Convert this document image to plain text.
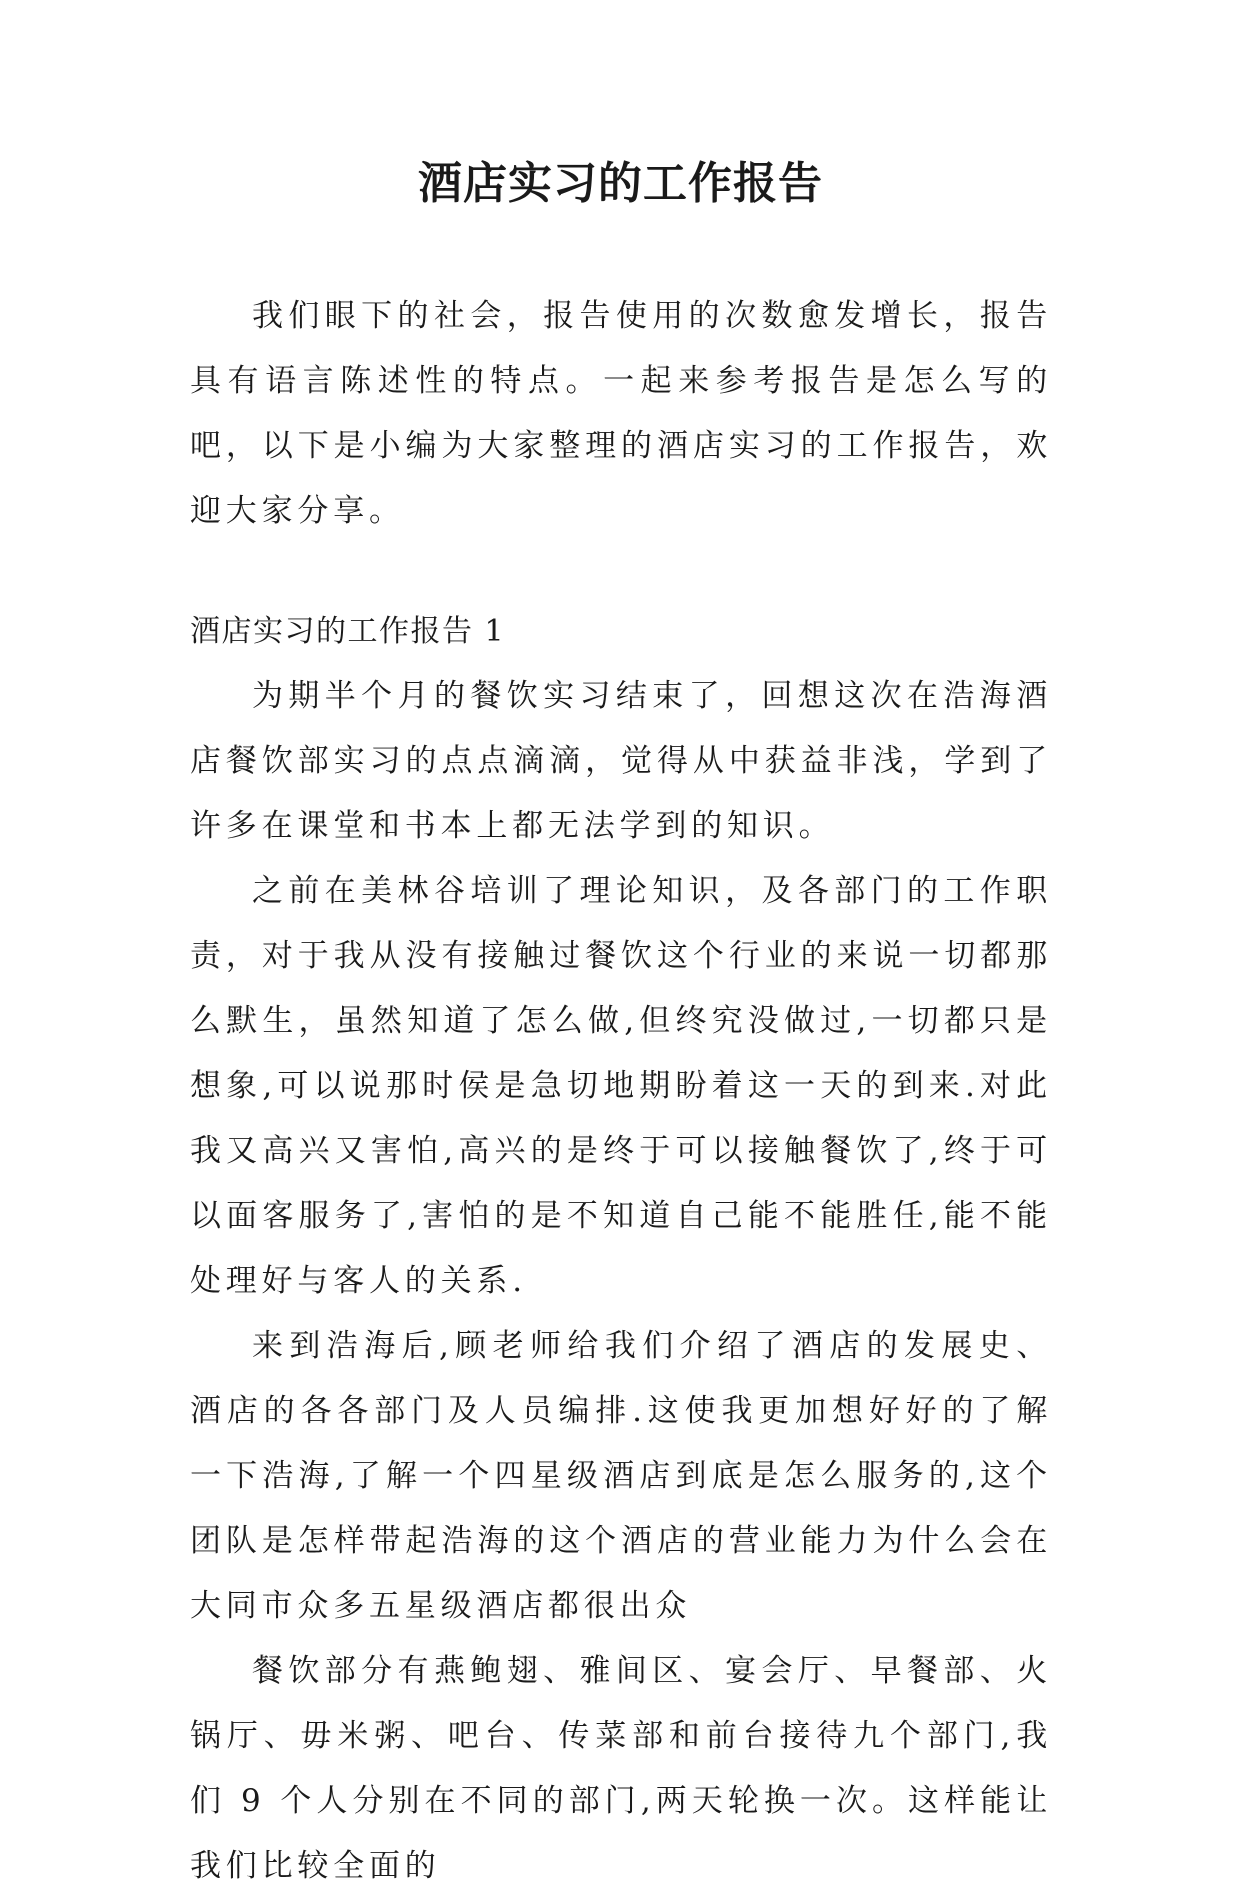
酒店实习的工作报告

我们眼下的社会，报告使用的次数愈发增长，报告具有语言陈述性的特点。一起来参考报告是怎么写的吧，以下是小编为大家整理的酒店实习的工作报告，欢迎大家分享。

酒店实习的工作报告 1

为期半个月的餐饮实习结束了，回想这次在浩海酒店餐饮部实习的点点滴滴，觉得从中获益非浅，学到了许多在课堂和书本上都无法学到的知识。

之前在美林谷培训了理论知识，及各部门的工作职责，对于我从没有接触过餐饮这个行业的来说一切都那么默生，虽然知道了怎么做,但终究没做过,一切都只是想象,可以说那时侯是急切地期盼着这一天的到来.对此我又高兴又害怕,高兴的是终于可以接触餐饮了,终于可以面客服务了,害怕的是不知道自己能不能胜任,能不能处理好与客人的关系.

来到浩海后,顾老师给我们介绍了酒店的发展史、酒店的各各部门及人员编排.这使我更加想好好的了解一下浩海,了解一个四星级酒店到底是怎么服务的,这个团队是怎样带起浩海的这个酒店的营业能力为什么会在大同市众多五星级酒店都很出众

餐饮部分有燕鲍翅、雅间区、宴会厅、早餐部、火锅厅、毋米粥、吧台、传菜部和前台接待九个部门,我们 9 个人分别在不同的部门,两天轮换一次。这样能让我们比较全面的
